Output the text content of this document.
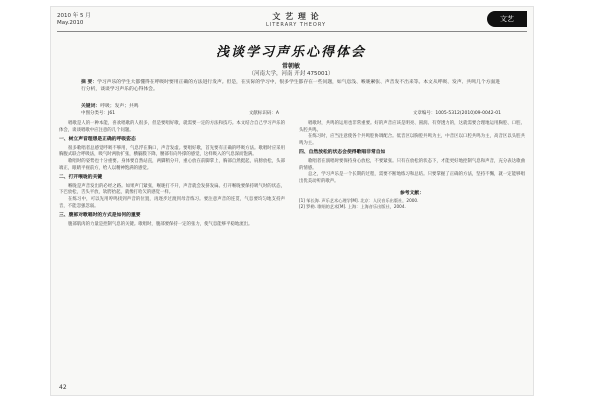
2010 年 5 月
May.2010
文 艺 理 论
LITERARY THEORY
文艺
浅谈学习声乐心得体会
常朝敏
（河南大学，河南 开封 475001）
摘 要：学习声乐的学生大都懂得在呼吸时要用正确的方法进行发声。但是，在实际的学习中，很多学生都存在一些问题，如气息浅、喉咙紧张、声音发不出来等。本文从呼吸、发声、共鸣几个方面进行分析，谈谈学习声乐的心得体会。
关键词：呼吸；发声；共鸣
中图分类号：J61	文献标识码：A	文章编号：1005-5312(2010)09-0042-01

唱歌是人的一种本能，喜欢唱歌的人很多，但是要唱好歌，就需要一定的方法和技巧。本文结合自己学习声乐的体会，谈谈唱歌中应注意的几个问题。

一、树立声音理想是正确的呼吸姿态

很多歌唱者总感觉呼吸不够用，气息浮在胸口，声音发虚。要唱好歌，首先要有正确的呼吸方法。歌唱时应采用胸腹式联合呼吸法，吸气时两肋扩张，横膈膜下降，腰部有向外撑的感觉，这样吸入的气息深而饱满。

歌唱时的姿势也十分重要。身体要自然站直，两脚稍分开，重心放在前脚掌上，胸部自然挺起，肩膀放松，头部端正，眼睛平视前方，给人以精神饱满的感觉。

二、打开喉咙的关键

喉咙是声音发出的必经之路。如果声门紧张，喉咙打不开，声音就会发挤发扁。打开喉咙要保持吸气时的状态，下巴放松，舌头平放，软腭抬起，就像打哈欠的感觉一样。

在练习中，可以先用哼鸣找到声音的位置，再逐步过渡到母音练习。要注意声音的连贯，气息要均匀地支持声音，不能忽强忽弱。

三、腹部对歌唱时的方式是如何的重要

腹部肌肉的力量是控制气息的关键。歌唱时，腹部要保持一定的张力，使气息能够平稳地流出。

唱歌时，共鸣的运用也非常重要。好的声音应该是明亮、圆润、有穿透力的，这就需要合理地运用胸腔、口腔、头腔共鸣。

在练习时，应当注意使各个共鸣腔协调配合。低音区以胸腔共鸣为主，中音区以口腔共鸣为主，高音区以头腔共鸣为主。

四、自然放松的状态会使得歌唱非常自如

歌唱者在演唱时要保持身心放松，不要紧张。只有在放松的状态下，才能更好地控制气息和声音，充分表达歌曲的情感。

总之，学习声乐是一个长期的过程，需要不断地练习和总结。只要掌握了正确的方法，坚持不懈，就一定能够唱出优美动听的歌声。

参考文献：
[1] 邹长海. 声乐艺术心理学[M]. 北京：人民音乐出版社，2000.
[2] 罗勒. 歌唱的艺术[M]. 上海：上海音乐出版社，2004.
42
